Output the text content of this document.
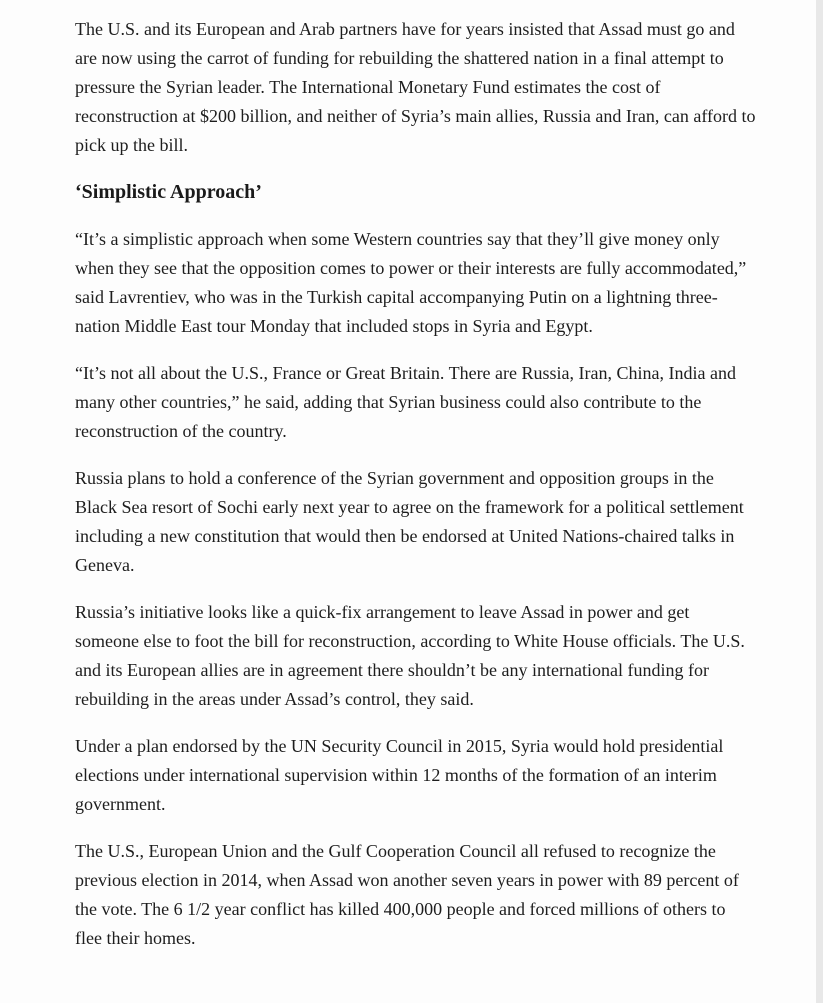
The U.S. and its European and Arab partners have for years insisted that Assad must go and are now using the carrot of funding for rebuilding the shattered nation in a final attempt to pressure the Syrian leader. The International Monetary Fund estimates the cost of reconstruction at $200 billion, and neither of Syria’s main allies, Russia and Iran, can afford to pick up the bill.

‘Simplistic Approach’

“It’s a simplistic approach when some Western countries say that they’ll give money only when they see that the opposition comes to power or their interests are fully accommodated,” said Lavrentiev, who was in the Turkish capital accompanying Putin on a lightning three-nation Middle East tour Monday that included stops in Syria and Egypt.

“It’s not all about the U.S., France or Great Britain. There are Russia, Iran, China, India and many other countries,” he said, adding that Syrian business could also contribute to the reconstruction of the country.

Russia plans to hold a conference of the Syrian government and opposition groups in the Black Sea resort of Sochi early next year to agree on the framework for a political settlement including a new constitution that would then be endorsed at United Nations-chaired talks in Geneva.

Russia’s initiative looks like a quick-fix arrangement to leave Assad in power and get someone else to foot the bill for reconstruction, according to White House officials. The U.S. and its European allies are in agreement there shouldn’t be any international funding for rebuilding in the areas under Assad’s control, they said.

Under a plan endorsed by the UN Security Council in 2015, Syria would hold presidential elections under international supervision within 12 months of the formation of an interim government.

The U.S., European Union and the Gulf Cooperation Council all refused to recognize the previous election in 2014, when Assad won another seven years in power with 89 percent of the vote. The 6 1/2 year conflict has killed 400,000 people and forced millions of others to flee their homes.
